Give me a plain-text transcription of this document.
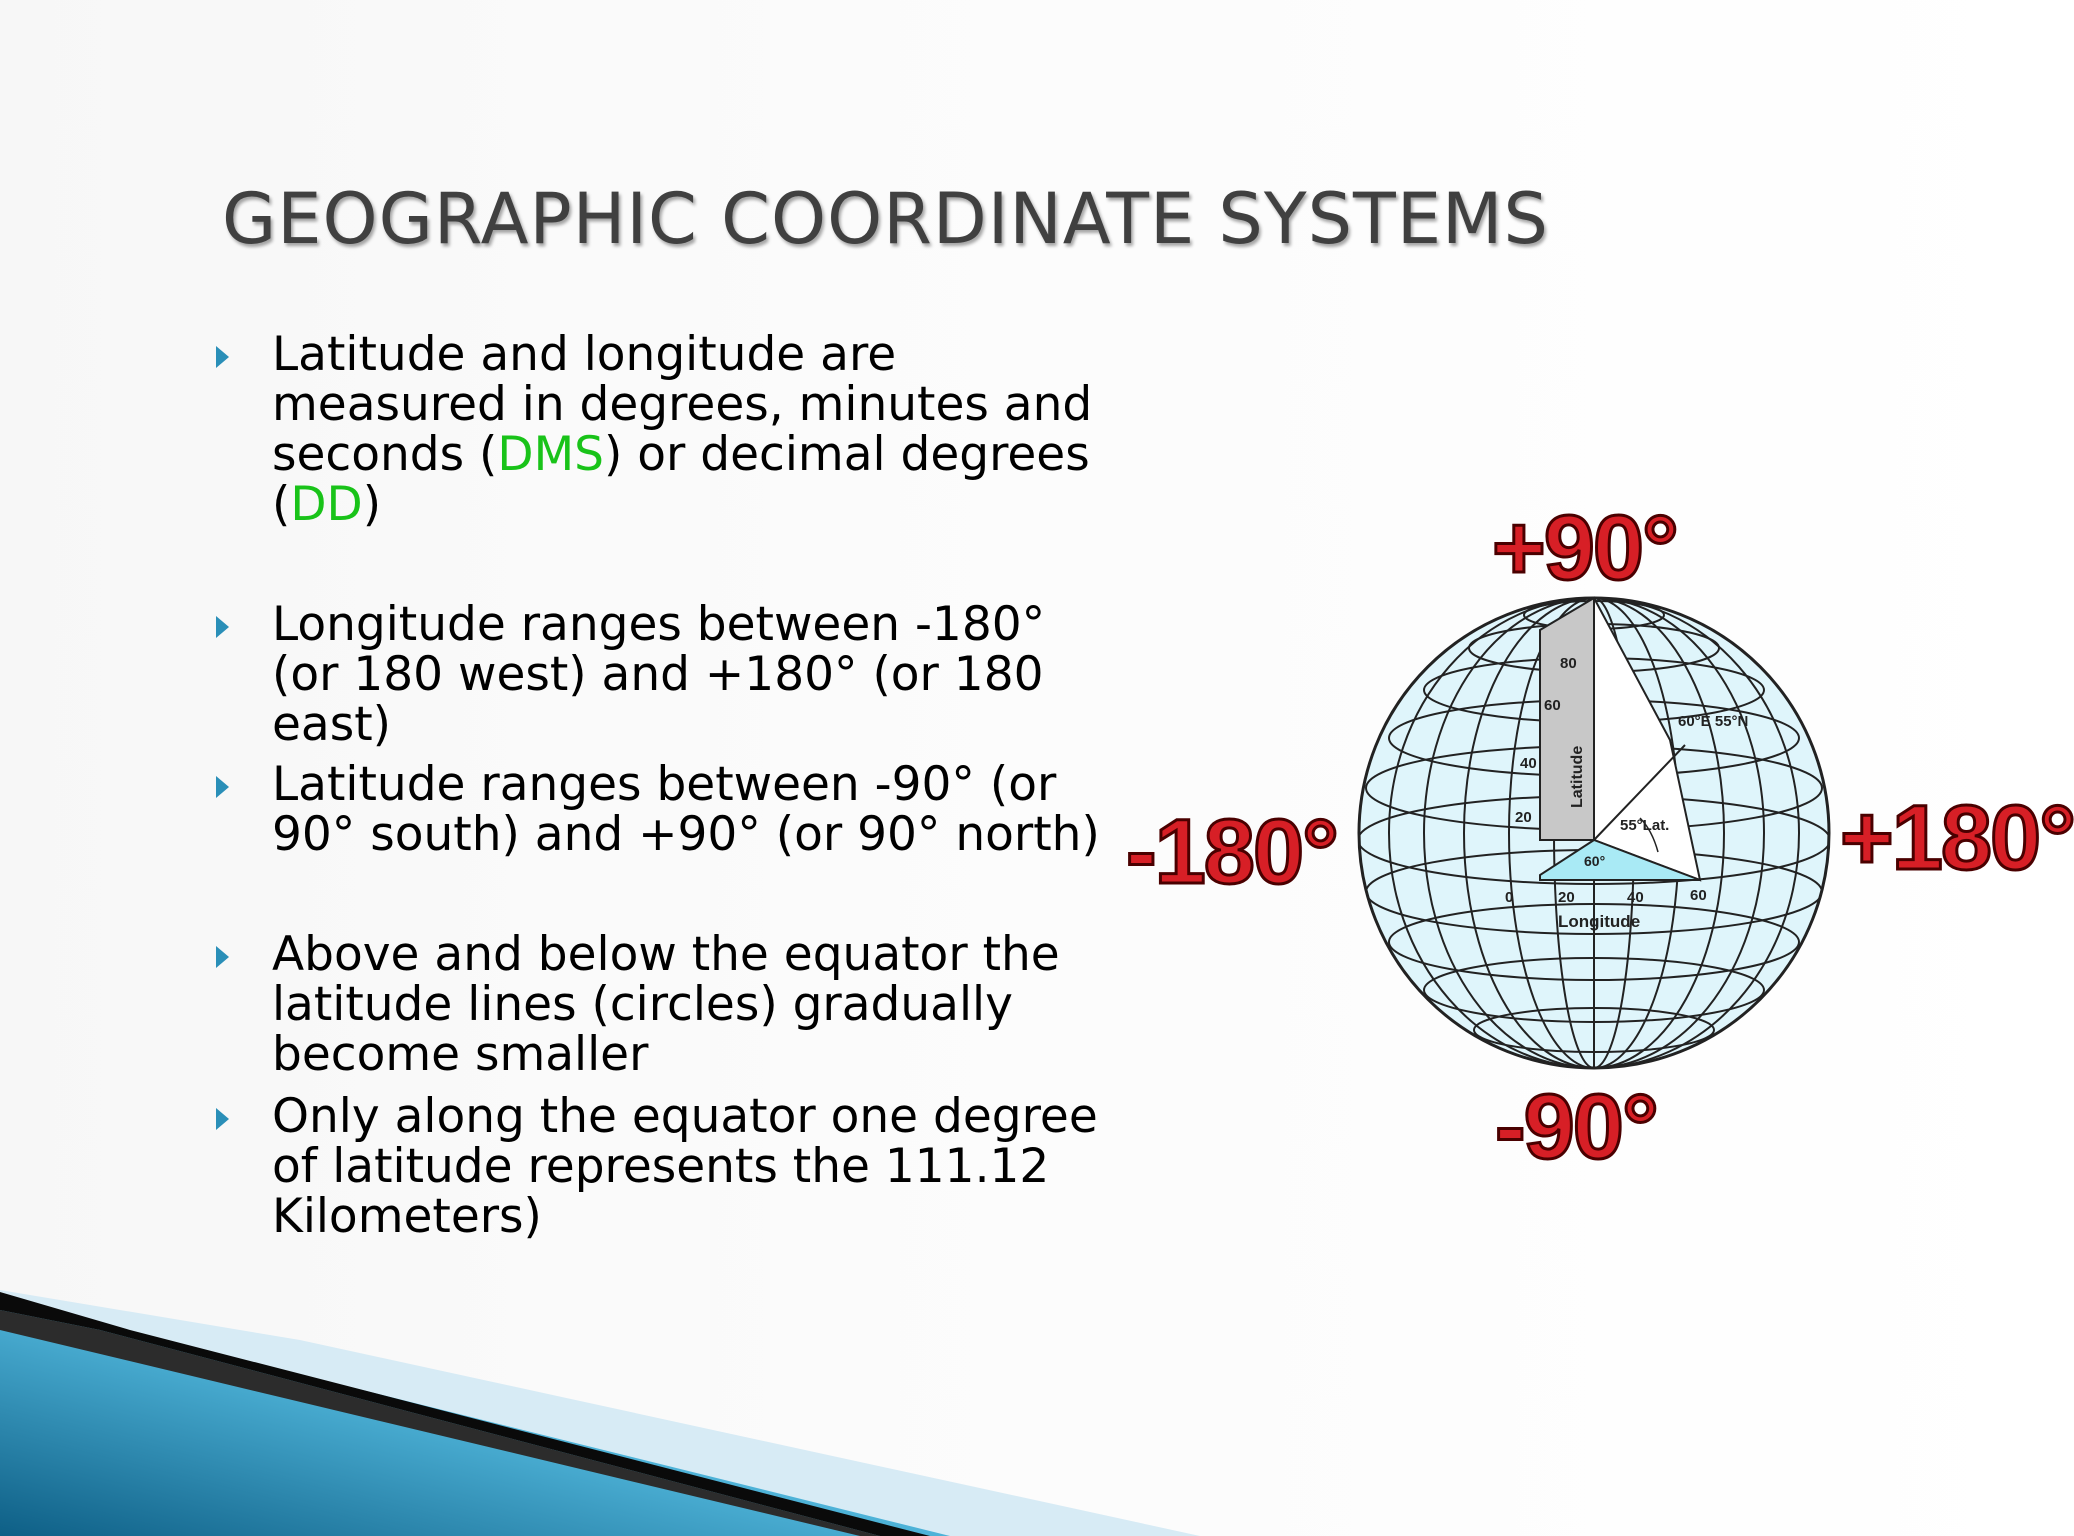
GEOGRAPHIC COORDINATE SYSTEMS
Latitude and longitude are measured in degrees, minutes and seconds (DMS) or decimal degrees (DD)
Longitude ranges between -180° (or 180 west) and +180° (or 180 east)
Latitude ranges between -90° (or 90° south) and +90° (or 90° north)
Above and below the equator the latitude lines (circles) gradually become smaller
Only along the equator one degree of latitude represents the 111.12 Kilometers)
80
60
40
20
0	20	40	60
Longitude
Latitude
60°E 55°N
55°Lat.
60°
+90°
-90°
-180°	+180°
